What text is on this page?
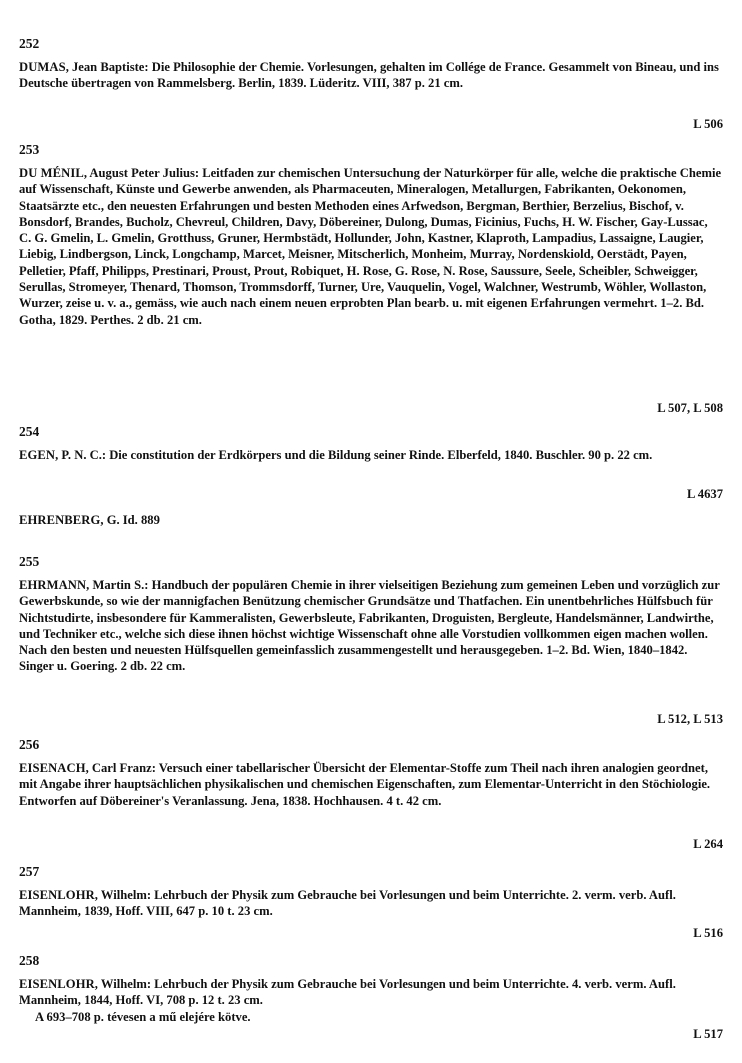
252
DUMAS, Jean Baptiste: Die Philosophie der Chemie. Vorlesungen, gehalten im Collége de France. Gesammelt von Bineau, und ins Deutsche übertragen von Rammelsberg. Berlin, 1839. Lüderitz. VIII, 387 p. 21 cm.
L 506
253
DU MÉNIL, August Peter Julius: Leitfaden zur chemischen Untersuchung der Naturkörper für alle, welche die praktische Chemie auf Wissenschaft, Künste und Gewerbe anwenden, als Pharmaceuten, Mineralogen, Metallurgen, Fabrikanten, Oekonomen, Staatsärzte etc., den neuesten Erfahrungen und besten Methoden eines Arfwedson, Bergman, Berthier, Berzelius, Bischof, v. Bonsdorf, Brandes, Bucholz, Chevreul, Children, Davy, Döbereiner, Dulong, Dumas, Ficinius, Fuchs, H. W. Fischer, Gay-Lussac, C. G. Gmelin, L. Gmelin, Grotthuss, Gruner, Hermbstädt, Hollunder, John, Kastner, Klaproth, Lampadius, Lassaigne, Laugier, Liebig, Lindbergson, Linck, Longchamp, Marcet, Meisner, Mitscherlich, Monheim, Murray, Nordenskiold, Oerstädt, Payen, Pelletier, Pfaff, Philipps, Prestinari, Proust, Prout, Robiquet, H. Rose, G. Rose, N. Rose, Saussure, Seele, Scheibler, Schweigger, Serullas, Stromeyer, Thenard, Thomson, Trommsdorff, Turner, Ure, Vauquelin, Vogel, Walchner, Westrumb, Wöhler, Wollaston, Wurzer, zeise u. v. a., gemäss, wie auch nach einem neuen erprobten Plan bearb. u. mit eigenen Erfahrungen vermehrt. 1–2. Bd. Gotha, 1829. Perthes. 2 db. 21 cm.
L 507, L 508
254
EGEN, P. N. C.: Die constitution der Erdkörpers und die Bildung seiner Rinde. Elberfeld, 1840. Buschler. 90 p. 22 cm.
L 4637
EHRENBERG, G. Id. 889
255
EHRMANN, Martin S.: Handbuch der populären Chemie in ihrer vielseitigen Beziehung zum gemeinen Leben und vorzüglich zur Gewerbskunde, so wie der mannigfachen Benützung chemischer Grundsätze und Thatfachen. Ein unentbehrliches Hülfsbuch für Nichtstudirte, insbesondere für Kammeralisten, Gewerbsleute, Fabrikanten, Droguisten, Bergleute, Handelsmänner, Landwirthe, und Techniker etc., welche sich diese ihnen höchst wichtige Wissenschaft ohne alle Vorstudien vollkommen eigen machen wollen. Nach den besten und neuesten Hülfsquellen gemeinfasslich zusammengestellt und herausgegeben. 1–2. Bd. Wien, 1840–1842. Singer u. Goering. 2 db. 22 cm.
L 512, L 513
256
EISENACH, Carl Franz: Versuch einer tabellarischer Übersicht der Elementar-Stoffe zum Theil nach ihren analogien geordnet, mit Angabe ihrer hauptsächlichen physikalischen und chemischen Eigenschaften, zum Elementar-Unterricht in den Stöchiologie. Entworfen auf Döbereiner's Veranlassung. Jena, 1838. Hochhausen. 4 t. 42 cm.
L 264
257
EISENLOHR, Wilhelm: Lehrbuch der Physik zum Gebrauche bei Vorlesungen und beim Unterrichte. 2. verm. verb. Aufl. Mannheim, 1839, Hoff. VIII, 647 p. 10 t. 23 cm.
L 516
258
EISENLOHR, Wilhelm: Lehrbuch der Physik zum Gebrauche bei Vorlesungen und beim Unterrichte. 4. verb. verm. Aufl. Mannheim, 1844, Hoff. VI, 708 p. 12 t. 23 cm.
A 693–708 p. tévesen a mű elejére kötve.
L 517
